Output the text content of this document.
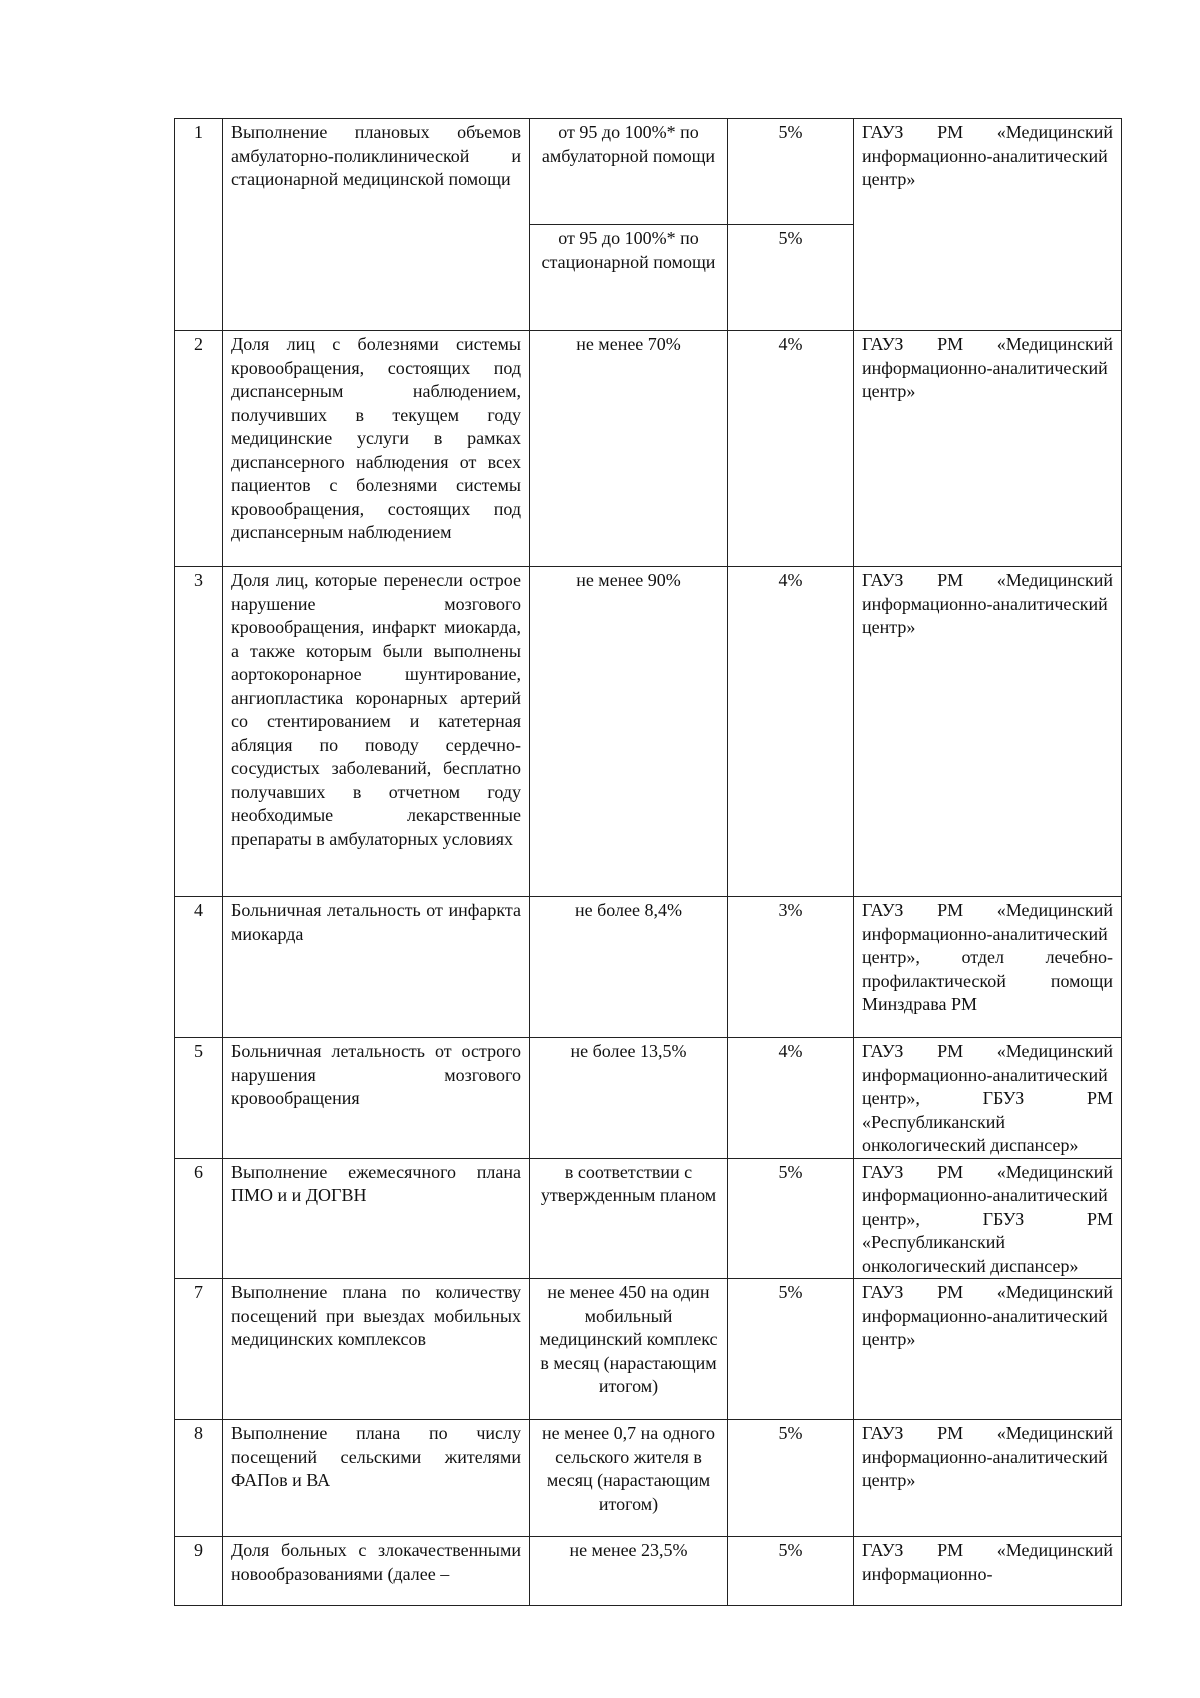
1	Выполнение плановых объемов амбулаторно-поликлинической и стационарной медицинской помощи	от 95 до 100%* по амбулаторной помощи	5%	ГАУЗ РМ «Медицинский информационно-аналитический центр»
		от 95 до 100%* по стационарной помощи	5%	
2	Доля лиц с болезнями системы кровообращения, состоящих под диспансерным наблюдением, получивших в текущем году медицинские услуги в рамках диспансерного наблюдения от всех пациентов с болезнями системы кровообращения, состоящих под диспансерным наблюдением	не менее 70%	4%	ГАУЗ РМ «Медицинский информационно-аналитический центр»
3	Доля лиц, которые перенесли острое нарушение мозгового кровообращения, инфаркт миокарда, а также которым были выполнены аортокоронарное шунтирование, ангиопластика коронарных артерий со стентированием и катетерная абляция по поводу сердечно-сосудистых заболеваний, бесплатно получавших в отчетном году необходимые лекарственные препараты в амбулаторных условиях	не менее 90%	4%	ГАУЗ РМ «Медицинский информационно-аналитический центр»
4	Больничная летальность от инфаркта миокарда	не более 8,4%	3%	ГАУЗ РМ «Медицинский информационно-аналитический центр», отдел лечебно-профилактической помощи Минздрава РМ
5	Больничная летальность от острого нарушения мозгового кровообращения	не более 13,5%	4%	ГАУЗ РМ «Медицинский информационно-аналитический центр», ГБУЗ РМ «Республиканский онкологический диспансер»
6	Выполнение ежемесячного плана ПМО и и ДОГВН	в соответствии с утвержденным планом	5%	ГАУЗ РМ «Медицинский информационно-аналитический центр», ГБУЗ РМ «Республиканский онкологический диспансер»
7	Выполнение плана по количеству посещений при выездах мобильных медицинских комплексов	не менее 450 на один мобильный медицинский комплекс в месяц (нарастающим итогом)	5%	ГАУЗ РМ «Медицинский информационно-аналитический центр»
8	Выполнение плана по числу посещений сельскими жителями ФАПов и ВА	не менее 0,7 на одного сельского жителя в месяц (нарастающим итогом)	5%	ГАУЗ РМ «Медицинский информационно-аналитический центр»
9	Доля больных с злокачественными новообразованиями (далее –	не менее 23,5%	5%	ГАУЗ РМ «Медицинский информационно-
